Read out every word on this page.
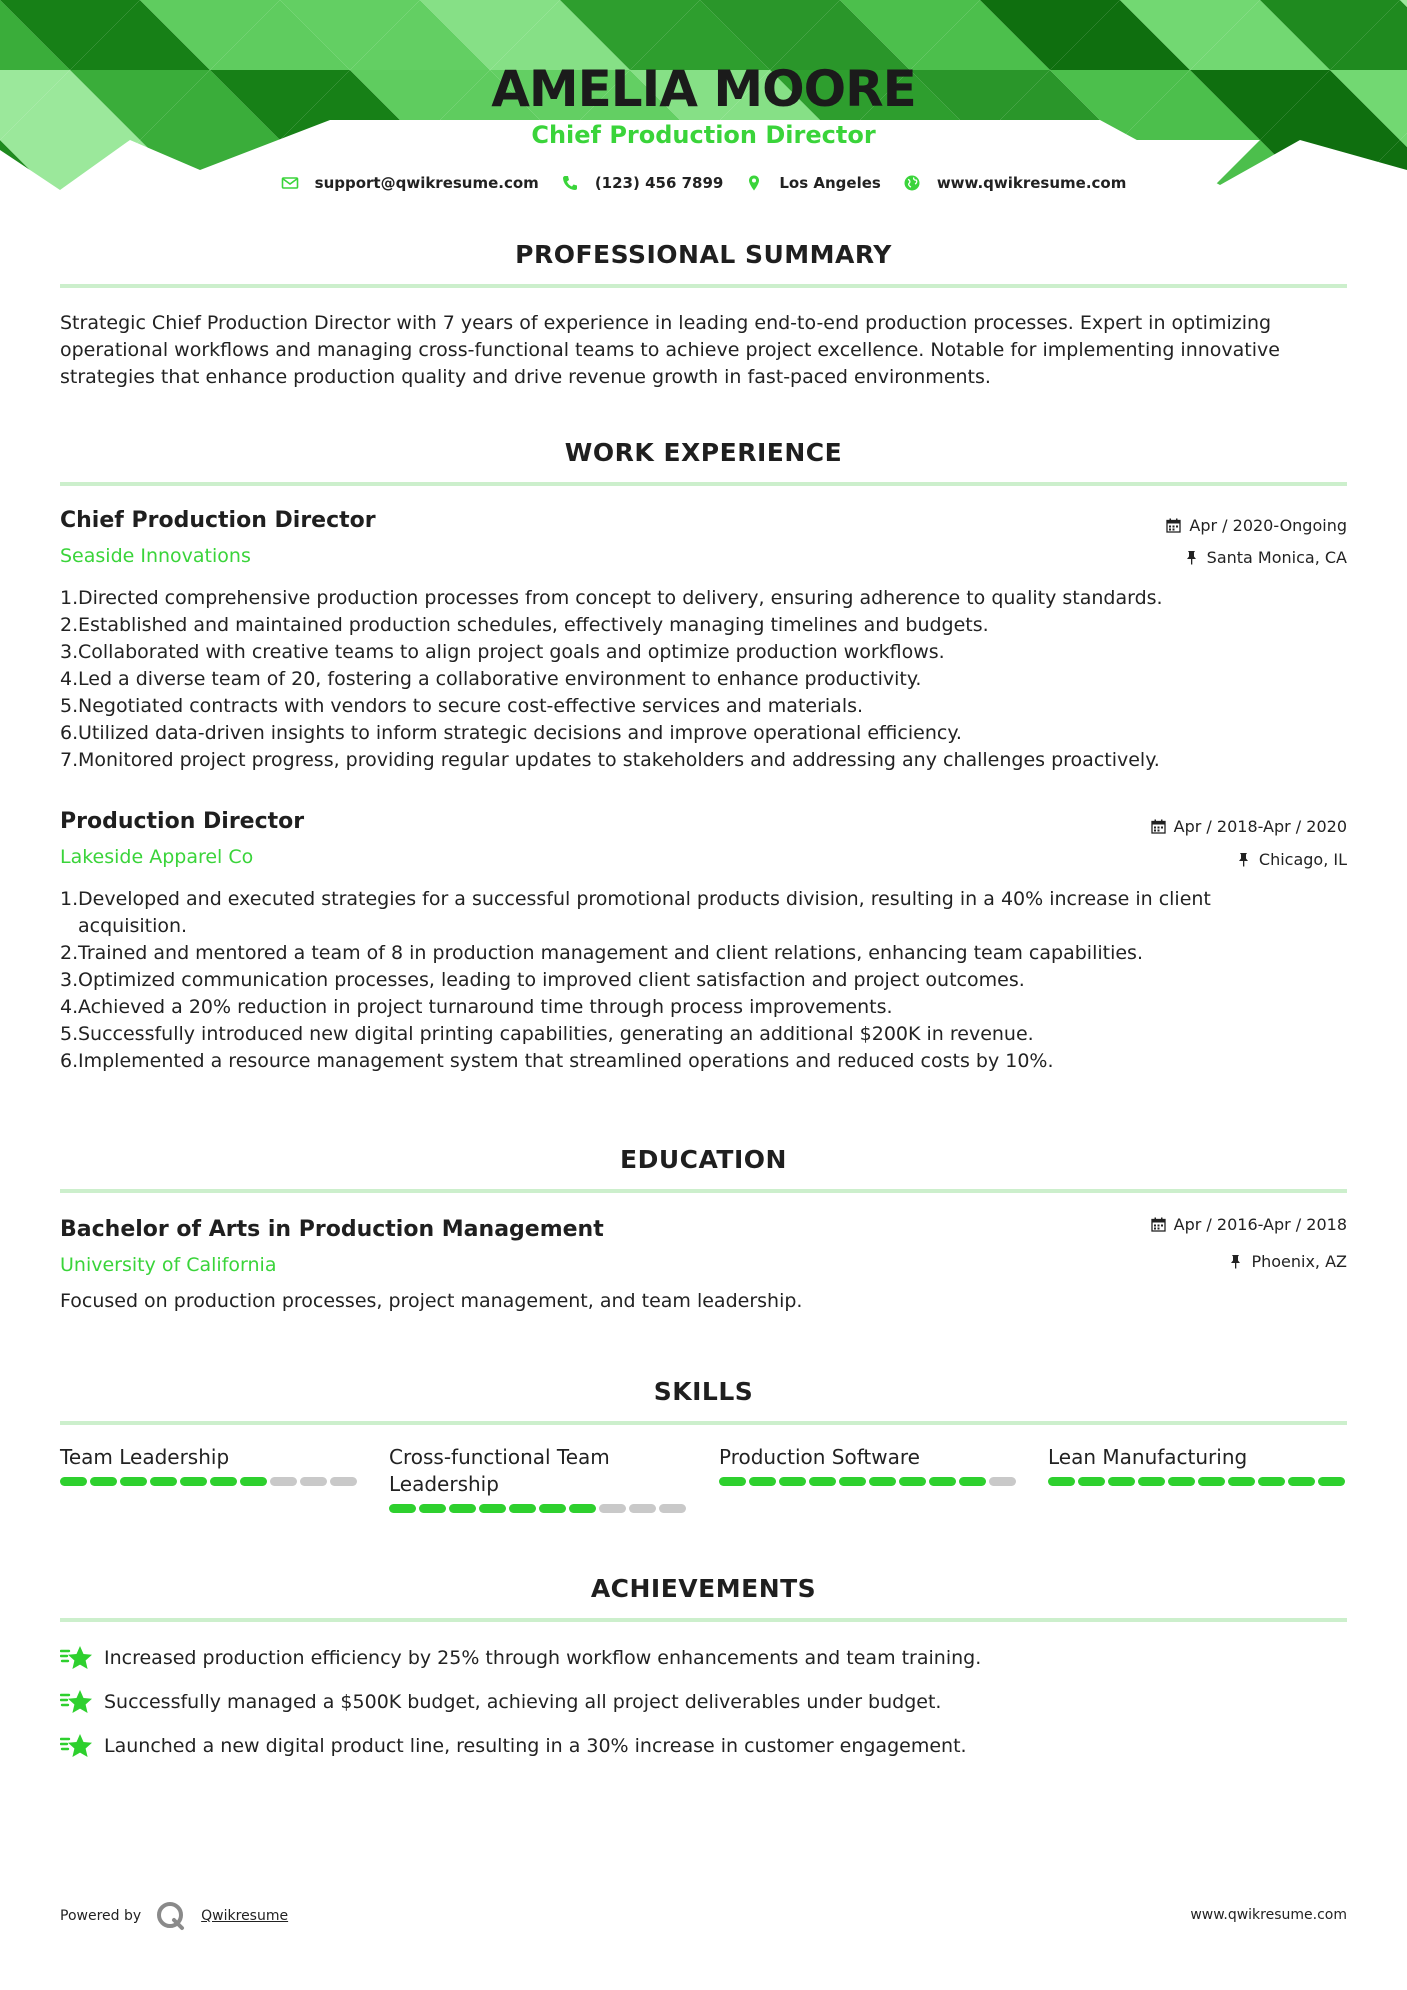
AMELIA MOORE
Chief Production Director
support@qwikresume.com	(123) 456 7899	Los Angeles	www.qwikresume.com
PROFESSIONAL SUMMARY
Strategic Chief Production Director with 7 years of experience in leading end-to-end production processes. Expert in optimizing
operational workflows and managing cross-functional teams to achieve project excellence. Notable for implementing innovative
strategies that enhance production quality and drive revenue growth in fast-paced environments.
WORK EXPERIENCE
Chief Production Director
Seaside Innovations
Apr / 2020-Ongoing
Santa Monica, CA
1. Directed comprehensive production processes from concept to delivery, ensuring adherence to quality standards.
2. Established and maintained production schedules, effectively managing timelines and budgets.
3. Collaborated with creative teams to align project goals and optimize production workflows.
4. Led a diverse team of 20, fostering a collaborative environment to enhance productivity.
5. Negotiated contracts with vendors to secure cost-effective services and materials.
6. Utilized data-driven insights to inform strategic decisions and improve operational efficiency.
7. Monitored project progress, providing regular updates to stakeholders and addressing any challenges proactively.
Production Director
Lakeside Apparel Co
Apr / 2018-Apr / 2020
Chicago, IL
1. Developed and executed strategies for a successful promotional products division, resulting in a 40% increase in client
acquisition.
2. Trained and mentored a team of 8 in production management and client relations, enhancing team capabilities.
3. Optimized communication processes, leading to improved client satisfaction and project outcomes.
4. Achieved a 20% reduction in project turnaround time through process improvements.
5. Successfully introduced new digital printing capabilities, generating an additional $200K in revenue.
6. Implemented a resource management system that streamlined operations and reduced costs by 10%.
EDUCATION
Bachelor of Arts in Production Management
University of California
Apr / 2016-Apr / 2018
Phoenix, AZ
Focused on production processes, project management, and team leadership.
SKILLS
Team Leadership	Cross-functional Team
Leadership
Production Software	Lean Manufacturing
ACHIEVEMENTS
Increased production efficiency by 25% through workflow enhancements and team training.
Successfully managed a $500K budget, achieving all project deliverables under budget.
Launched a new digital product line, resulting in a 30% increase in customer engagement.
Powered by	Qwikresume	www.qwikresume.com
